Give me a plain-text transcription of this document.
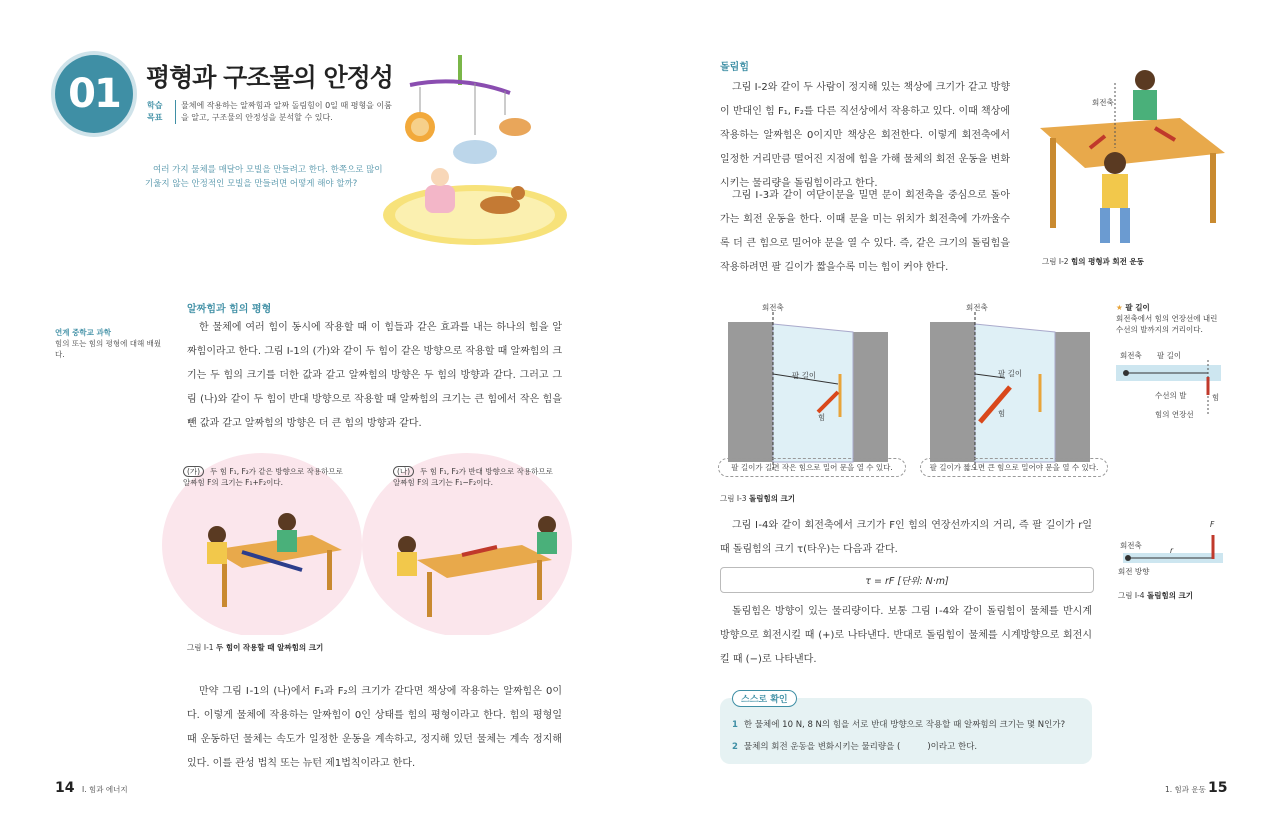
01 평형과 구조물의 안정성
학습 목표
물체에 작용하는 알짜힘과 알짜 돌림힘이 0일 때 평형을 이룸을 알고, 구조물의 안정성을 분석할 수 있다.
여러 가지 물체를 매달아 모빌을 만들려고 한다. 한쪽으로 많이 기울지 않는 안정적인 모빌을 만들려면 어떻게 해야 할까?
알짜힘과 힘의 평형
연계 중학교 과학
힘의 또는 힘의 평형에 대해 배웠다.
한 물체에 여러 힘이 동시에 작용할 때 이 힘들과 같은 효과를 내는 하나의 힘을 알짜힘이라고 한다. 그림 Ⅰ-1의 (가)와 같이 두 힘이 같은 방향으로 작용할 때 알짜힘의 크기는 두 힘의 크기를 더한 값과 같고 알짜힘의 방향은 두 힘의 방향과 같다. 그러고 그림 (나)와 같이 두 힘이 반대 방향으로 작용할 때 알짜힘의 크기는 큰 힘에서 작은 힘을 뺀 값과 같고 알짜힘의 방향은 더 큰 힘의 방향과 같다.
(가) 두 힘 F₁, F₂가 같은 방향으로 작용하므로 알짜힘 F의 크기는 F₁+F₂이다.
(나) 두 힘 F₁, F₂가 반대 방향으로 작용하므로 알짜힘 F의 크기는 F₁−F₂이다.
그림 Ⅰ-1 두 힘이 작용할 때 알짜힘의 크기
만약 그림 Ⅰ-1의 (나)에서 F₁과 F₂의 크기가 같다면 책상에 작용하는 알짜힘은 0이다. 이렇게 물체에 작용하는 알짜힘이 0인 상태를 힘의 평형이라고 한다. 힘의 평형일 때 운동하던 물체는 속도가 일정한 운동을 계속하고, 정지해 있던 물체는 계속 정지해 있다. 이를 관성 법칙 또는 뉴턴 제1법칙이라고 한다.
14 Ⅰ. 힘과 에너지
돌림힘
그림 Ⅰ-2와 같이 두 사람이 정지해 있는 책상에 크기가 같고 방향이 반대인 힘 F₁, F₂를 다른 직선상에서 작용하고 있다. 이때 책상에 작용하는 알짜힘은 0이지만 책상은 회전한다. 이렇게 회전축에서 일정한 거리만큼 떨어진 지점에 힘을 가해 물체의 회전 운동을 변화시키는 물리량을 돌림힘이라고 한다.
그림 Ⅰ-3과 같이 여닫이문을 밀면 문이 회전축을 중심으로 돌아가는 회전 운동을 한다. 이때 문을 미는 위치가 회전축에 가까울수록 더 큰 힘으로 밀어야 문을 열 수 있다. 즉, 같은 크기의 돌림힘을 작용하려면 팔 길이가 짧을수록 미는 힘이 커야 한다.
회전축
그림 Ⅰ-2 힘의 평형과 회전 운동
회전축
팔 길이
힘
팔 길이가 길면 작은 힘으로 밀어 문을 열 수 있다.
회전축
팔 길이
힘
팔 길이가 짧으면 큰 힘으로 밀어야 문을 열 수 있다.
그림 Ⅰ-3 돌림힘의 크기
★ 팔 길이
회전축에서 힘의 연장선에 내린 수선의 발까지의 거리이다.
회전축 팔 길이
수선의 발	힘
힘의 연장선
그림 Ⅰ-4와 같이 회전축에서 크기가 F인 힘의 연장선까지의 거리, 즉 팔 길이가 r일 때 돌림힘의 크기 τ(타우)는 다음과 같다.
τ = rF [단위: N·m]
회전축
회전 방향
r
F
그림 Ⅰ-4 돌림힘의 크기
돌림힘은 방향이 있는 물리량이다. 보통 그림 Ⅰ-4와 같이 돌림힘이 물체를 반시계 방향으로 회전시킬 때 (+)로 나타낸다. 반대로 돌림힘이 물체를 시계방향으로 회전시킬 때 (−)로 나타낸다.
스스로 확인
1 한 물체에 10 N, 8 N의 힘을 서로 반대 방향으로 작용할 때 알짜힘의 크기는 몇 N인가?
2 물체의 회전 운동을 변화시키는 물리량을 (          )이라고 한다.
1. 힘과 운동 15
